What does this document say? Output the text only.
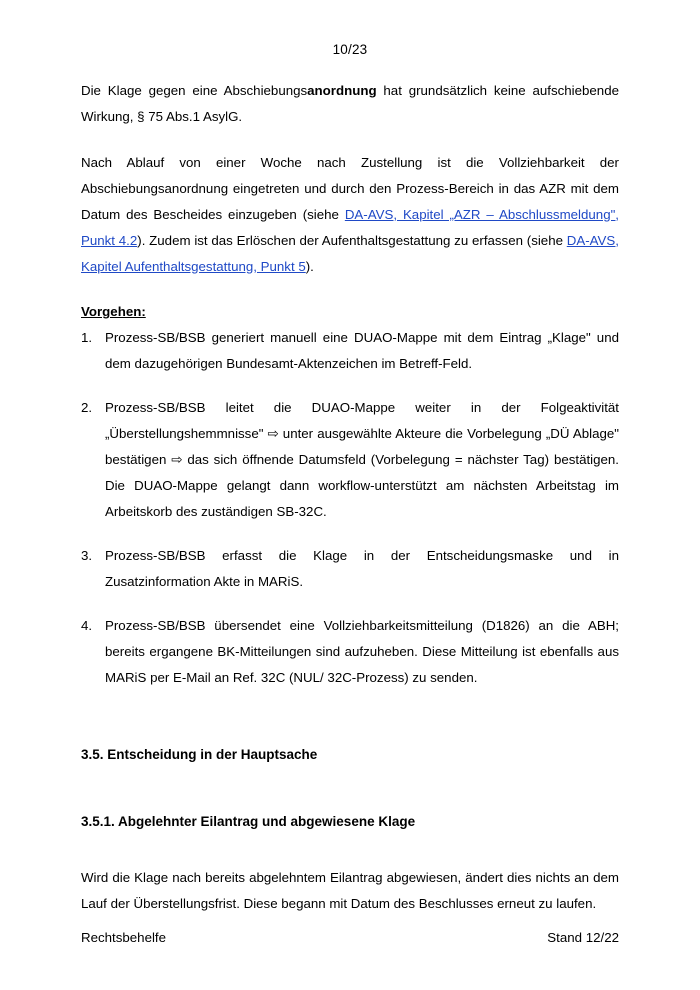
10/23

Die Klage gegen eine Abschiebungsanordnung hat grundsätzlich keine aufschiebende Wirkung, § 75 Abs.1 AsylG.

Nach Ablauf von einer Woche nach Zustellung ist die Vollziehbarkeit der Abschiebungsanordnung eingetreten und durch den Prozess-Bereich in das AZR mit dem Datum des Bescheides einzugeben (siehe DA-AVS, Kapitel „AZR – Abschlussmeldung", Punkt 4.2). Zudem ist das Erlöschen der Aufenthaltsgestattung zu erfassen (siehe DA-AVS, Kapitel Aufenthaltsgestattung, Punkt 5).

Vorgehen:
1. Prozess-SB/BSB generiert manuell eine DUAO-Mappe mit dem Eintrag „Klage" und dem dazugehörigen Bundesamt-Aktenzeichen im Betreff-Feld.
2. Prozess-SB/BSB leitet die DUAO-Mappe weiter in der Folgeaktivität „Überstellungshemmnisse" ⇨ unter ausgewählte Akteure die Vorbelegung „DÜ Ablage" bestätigen ⇨ das sich öffnende Datumsfeld (Vorbelegung = nächster Tag) bestätigen. Die DUAO-Mappe gelangt dann workflow-unterstützt am nächsten Arbeitstag im Arbeitskorb des zuständigen SB-32C.
3. Prozess-SB/BSB erfasst die Klage in der Entscheidungsmaske und in Zusatzinformation Akte in MARiS.
4. Prozess-SB/BSB übersendet eine Vollziehbarkeitsmitteilung (D1826) an die ABH; bereits ergangene BK-Mitteilungen sind aufzuheben. Diese Mitteilung ist ebenfalls aus MARiS per E-Mail an Ref. 32C (NUL/ 32C-Prozess) zu senden.
3.5. Entscheidung in der Hauptsache
3.5.1. Abgelehnter Eilantrag und abgewiesene Klage

Wird die Klage nach bereits abgelehntem Eilantrag abgewiesen, ändert dies nichts an dem Lauf der Überstellungsfrist. Diese begann mit Datum des Beschlusses erneut zu laufen.

Rechtsbehelfe	Stand 12/22
